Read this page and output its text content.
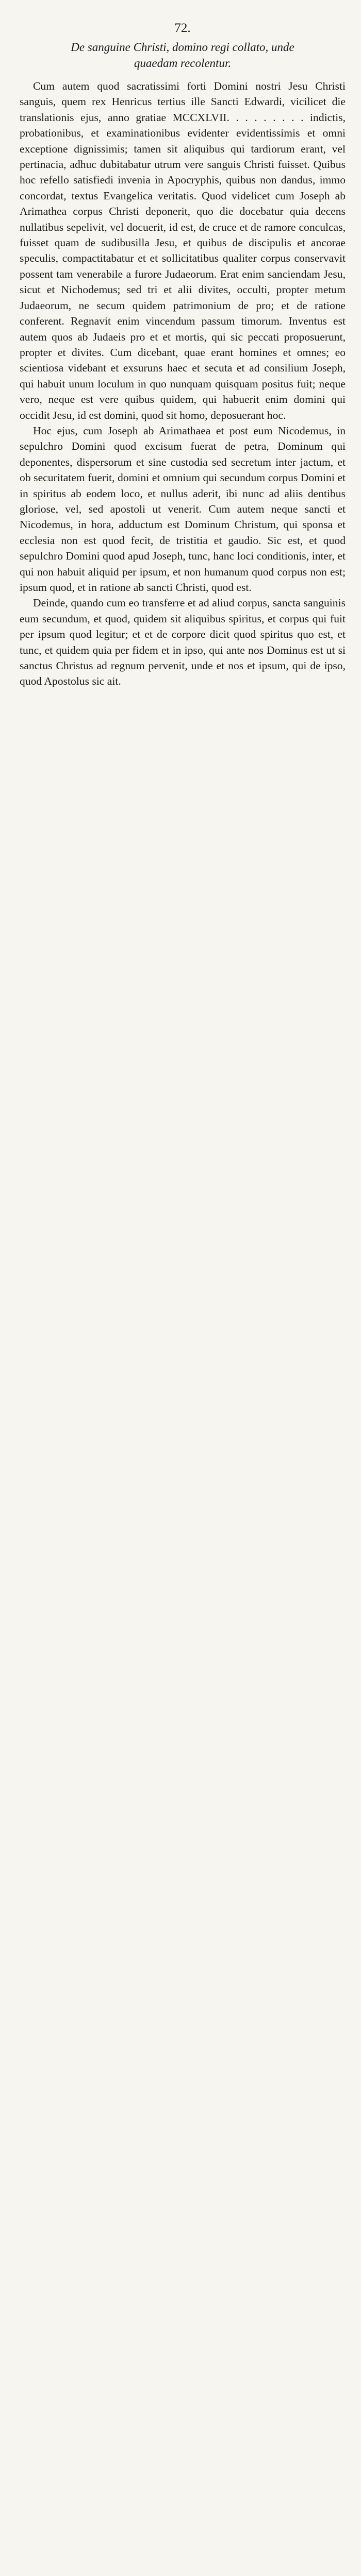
72.
De sanguine Christi, domino regi collato, unde
quaedam recolentur.

Cum autem quod sacratissimi forti Domini nostri Jesu Christi sanguis, quem rex Henricus tertius ille Sancti Edwardi, vicilicet die translationis ejus, anno gratiae MCCXLVII. . . . . . . . . indictis, probationibus, et examinationibus evidenter evidentissimis et omni exceptione dignissimis; tamen sit aliquibus qui tardiorum erant, vel pertinacia, adhuc dubitabatur utrum vere sanguis Christi fuisset. Quibus hoc refello satisfiedi invenia in Apocryphis, quibus non dandus, immo concordat, textus Evangelica veritatis. Quod videlicet cum Joseph ab Arimathea corpus Christi deponerit, quo die docebatur quia decens nullatibus sepelivit, vel docuerit, id est, de cruce et de ramore conculcas, fuisset quam de sudibusilla Jesu, et quibus de discipulis et ancorae speculis, compactitabatur et et sollicitatibus qualiter corpus conservavit possent tam venerabile a furore Judaeorum. Erat enim sanciendam Jesu, sicut et Nichodemus; sed tri et alii divites, occulti, propter metum Judaeorum, ne secum quidem patrimonium de pro; et de ratione conferent. Regnavit enim vincendum passum timorum. Inventus est autem quos ab Judaeis pro et et mortis, qui sic peccati proposuerunt, propter et divites. Cum dicebant, quae erant homines et omnes; eo scientiosa videbant et exsuruns haec et secuta et ad consilium Joseph, qui habuit unum loculum in quo nunquam quisquam positus fuit; neque vero, neque est vere quibus quidem, qui habuerit enim domini qui occidit Jesu, id est domini, quod sit homo, deposuerant hoc.

Hoc ejus, cum Joseph ab Arimathaea et post eum Nicodemus, in sepulchro Domini quod excisum fuerat de petra, Dominum qui deponentes, dispersorum et sine custodia sed secretum inter jactum, et ob securitatem fuerit, domini et omnium qui secundum corpus Domini et in spiritus ab eodem loco, et nullus aderit, ibi nunc ad aliis dentibus gloriose, vel, sed apostoli ut venerit. Cum autem neque sancti et Nicodemus, in hora, adductum est Dominum Christum, qui sponsa et ecclesia non est quod fecit, de tristitia et gaudio. Sic est, et quod sepulchro Domini quod apud Joseph, tunc, hanc loci conditionis, inter, et qui non habuit aliquid per ipsum, et non humanum quod corpus non est; ipsum quod, et in ratione ab sancti Christi, quod est.

Deinde, quando cum eo transferre et ad aliud corpus, sancta sanguinis eum secundum, et quod, quidem sit aliquibus spiritus, et corpus qui fuit per ipsum quod legitur; et et de corpore dicit quod spiritus quo est, et tunc, et quidem quia per fidem et in ipso, qui ante nos Dominus est ut si sanctus Christus ad regnum pervenit, unde et nos et ipsum, qui de ipso, quod Apostolus sic ait.
